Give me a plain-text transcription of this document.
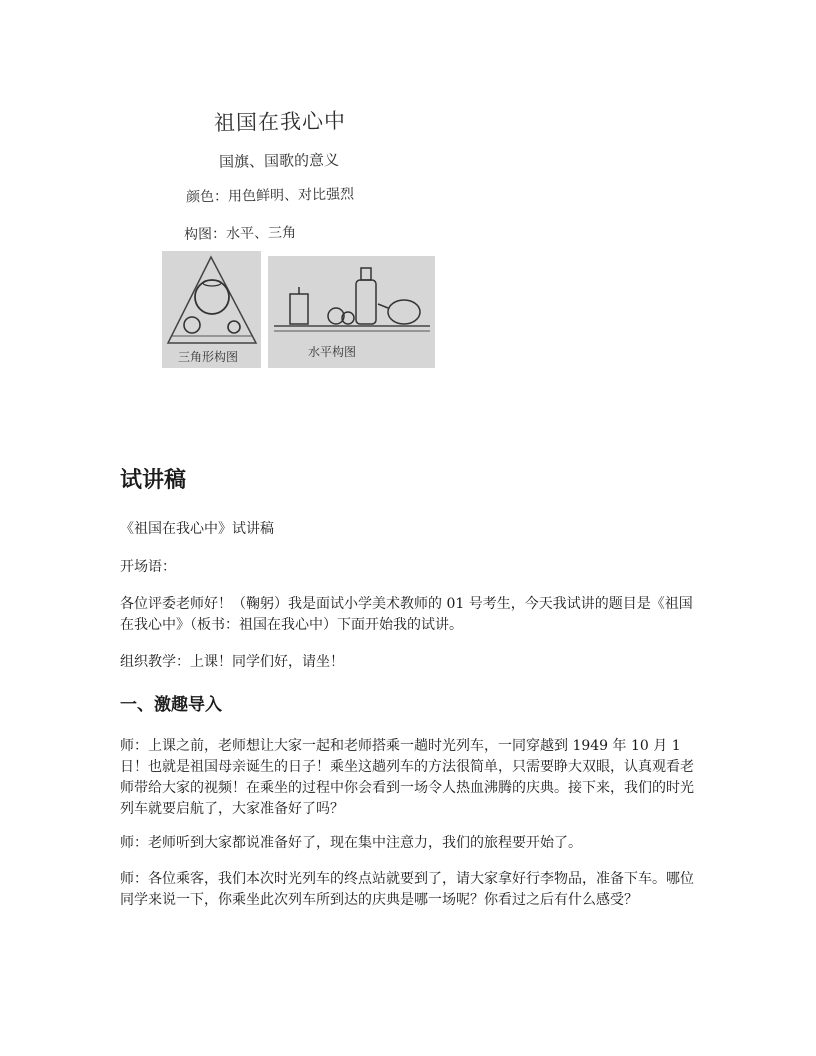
祖国在我心中
国旗、国歌的意义
颜色：用色鲜明、对比强烈
构图：水平、三角
三角形构图	水平构图
试讲稿
《祖国在我心中》试讲稿
开场语：
各位评委老师好！（鞠躬）我是面试小学美术教师的 01 号考生，今天我试讲的题目是《祖国在我心中》（板书：祖国在我心中）下面开始我的试讲。
组织教学：上课！同学们好，请坐！
一、激趣导入
师：上课之前，老师想让大家一起和老师搭乘一趟时光列车，一同穿越到 1949 年 10 月 1 日！也就是祖国母亲诞生的日子！乘坐这趟列车的方法很简单，只需要睁大双眼，认真观看老师带给大家的视频！在乘坐的过程中你会看到一场令人热血沸腾的庆典。接下来，我们的时光列车就要启航了，大家准备好了吗？
师：老师听到大家都说准备好了，现在集中注意力，我们的旅程要开始了。
师：各位乘客，我们本次时光列车的终点站就要到了，请大家拿好行李物品，准备下车。哪位同学来说一下，你乘坐此次列车所到达的庆典是哪一场呢？你看过之后有什么感受？
